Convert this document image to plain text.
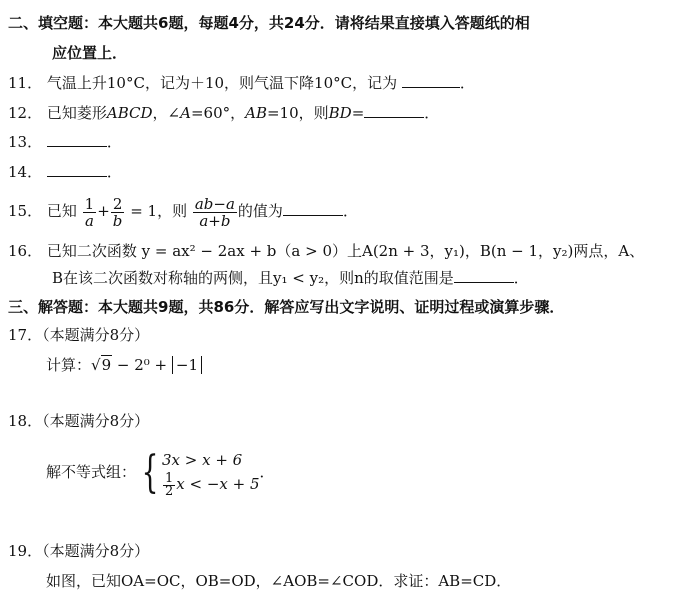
二、填空题：本大题共6题，每题4分，共24分．请将结果直接填入答题纸的相
应位置上．
11． 气温上升10°C，记为＋10，则气温下降10°C，记为	．
12． 已知菱形ABCD，∠A=60°，AB=10，则BD=	．
13．	．
14．	．
15． 已知 $\frac{1}{a} + \frac{2}{b} = 1$，则 $\frac{ab-a}{a+b}$ 的值为	．
16． 已知二次函数 y = ax² − 2ax + b（a > 0）上A(2n + 3，y₁)，B(n − 1，y₂)两点，A、
B在该二次函数对称轴的两侧，且y₁ < y₂，则n的取值范围是	．
三、解答题：本大题共9题，共86分．解答应写出文字说明、证明过程或演算步骤．
17．（本题满分8分）
计算：√9 − 2⁰ + −1
18．（本题满分8分）
解不等式组： { 3x > x + 6
$\frac{1}{2}$ x < −x + 5
．
19．（本题满分8分）
如图，已知OA=OC，OB=OD，∠AOB=∠COD．求证：AB=CD．
